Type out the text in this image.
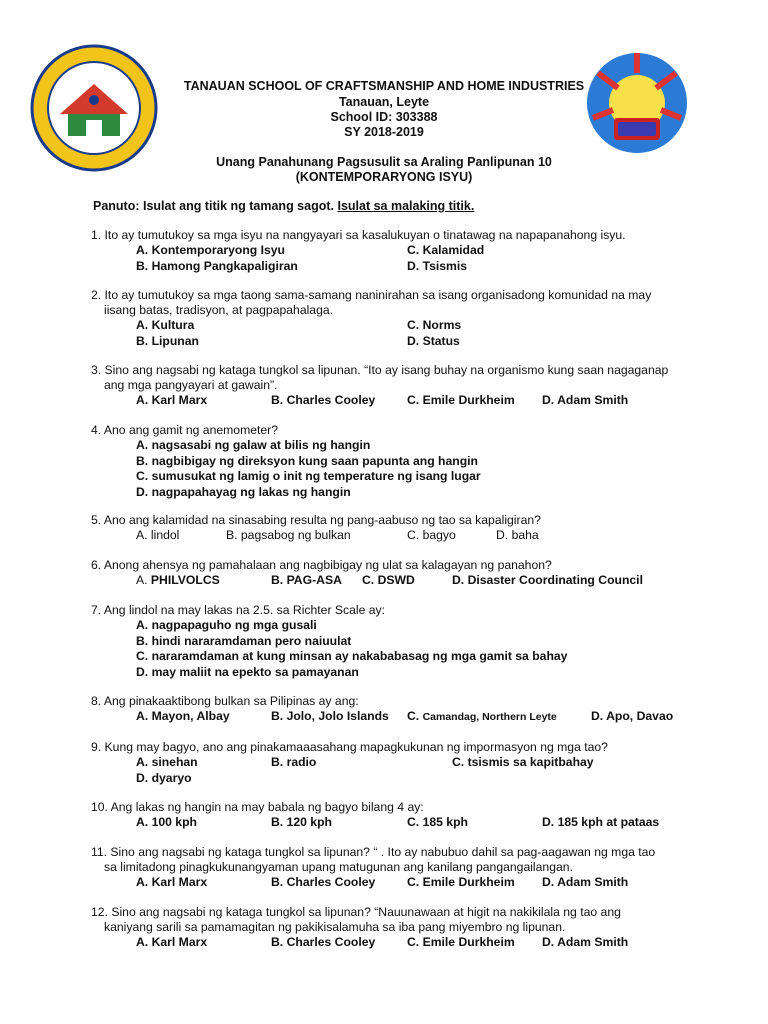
TANAUAN SCHOOL OF CRAFTSMANSHIP AND HOME INDUSTRIES
Tanauan, Leyte
School ID: 303388
SY 2018-2019
Unang Panahunang Pagsusulit sa Araling Panlipunan 10
(KONTEMPORARYONG ISYU)
Panuto: Isulat ang titik ng tamang sagot. Isulat sa malaking titik.
1. Ito ay tumutukoy sa mga isyu na nangyayari sa kasalukuyan o tinatawag na napapanahong isyu.
A. Kontemporaryong Isyu	C. Kalamidad
B. Hamong Pangkapaligiran	D. Tsismis
2. Ito ay tumutukoy sa mga taong sama-samang naninirahan sa isang organisadong komunidad na may
iisang batas, tradisyon, at pagpapahalaga.
A. Kultura	C. Norms
B. Lipunan	D. Status
3. Sino ang nagsabi ng kataga tungkol sa lipunan. “Ito ay isang buhay na organismo kung saan nagaganap
ang mga pangyayari at gawain”.
A. Karl Marx	B. Charles Cooley	C. Emile Durkheim D. Adam Smith
4. Ano ang gamit ng anemometer?
A. nagsasabi ng galaw at bilis ng hangin
B. nagbibigay ng direksyon kung saan papunta ang hangin
C. sumusukat ng lamig o init ng temperature ng isang lugar
D. nagpapahayag ng lakas ng hangin
5. Ano ang kalamidad na sinasabing resulta ng pang-aabuso ng tao sa kapaligiran?
A. lindol	B. pagsabog ng bulkan	C. bagyo	D. baha
6. Anong ahensya ng pamahalaan ang nagbibigay ng ulat sa kalagayan ng panahon?
A. PHILVOLCS	B. PAG-ASA C. DSWD	D. Disaster Coordinating Council
7. Ang lindol na may lakas na 2.5. sa Richter Scale ay:
A. nagpapaguho ng mga gusali
B. hindi nararamdaman pero naiuulat
C. nararamdaman at kung minsan ay nakababasag ng mga gamit sa bahay
D. may maliit na epekto sa pamayanan
8. Ang pinakaaktibong bulkan sa Pilipinas ay ang:
A. Mayon, Albay	B. Jolo, Jolo Islands C. Camandag, Northern Leyte	D. Apo, Davao
9. Kung may bagyo, ano ang pinakamaaasahang mapagkukunan ng impormasyon ng mga tao?
A. sinehan	B. radio	C. tsismis sa kapitbahay
D. dyaryo
10. Ang lakas ng hangin na may babala ng bagyo bilang 4 ay:
A. 100 kph	B. 120 kph	C. 185 kph	D. 185 kph at pataas
11. Sino ang nagsabi ng kataga tungkol sa lipunan? “ . Ito ay nabubuo dahil sa pag-aagawan ng mga tao
sa limitadong pinagkukunangyaman upang matugunan ang kanilang pangangailangan.
A. Karl Marx	B. Charles Cooley	C. Emile Durkheim D. Adam Smith
12. Sino ang nagsabi ng kataga tungkol sa lipunan? “Nauunawaan at higit na nakikilala ng tao ang
kaniyang sarili sa pamamagitan ng pakikisalamuha sa iba pang miyembro ng lipunan.
A. Karl Marx	B. Charles Cooley	C. Emile Durkheim D. Adam Smith
